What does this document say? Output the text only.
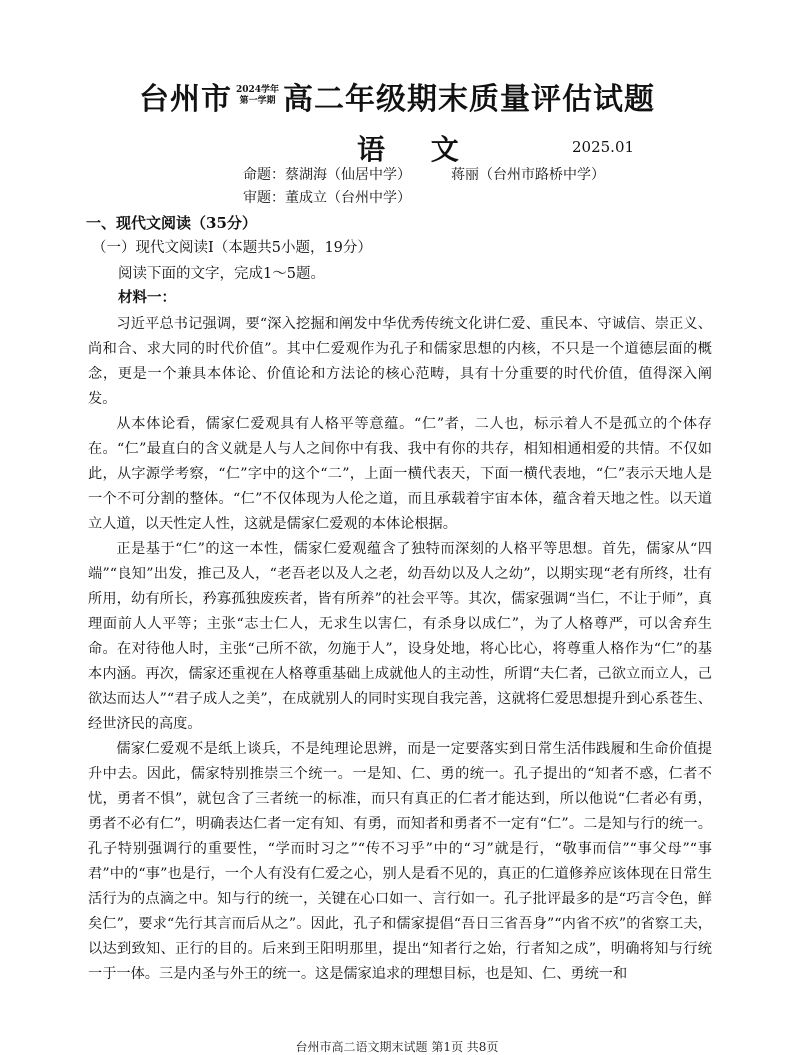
台州市 2024学年
第一学期 高二年级期末质量评估试题
语 文	2025.01
命题： 蔡湖海（仙居中学）	蒋丽（台州市路桥中学）
审题： 董成立（台州中学）
一、现代文阅读（35分）
（一）现代文阅读Ⅰ（本题共5小题，19分）
阅读下面的文字，完成1～5题。
材料一：

习近平总书记强调，要“深入挖掘和阐发中华优秀传统文化讲仁爱、重民本、守诚信、崇正义、尚和合、求大同的时代价值”。其中仁爱观作为孔子和儒家思想的内核，不只是一个道德层面的概念，更是一个兼具本体论、价值论和方法论的核心范畴，具有十分重要的时代价值，值得深入阐发。

从本体论看，儒家仁爱观具有人格平等意蕴。“仁”者，二人也，标示着人不是孤立的个体存在。“仁”最直白的含义就是人与人之间你中有我、我中有你的共存，相知相通相爱的共情。不仅如此，从字源学考察，“仁”字中的这个“二”，上面一横代表天，下面一横代表地，“仁”表示天地人是一个不可分割的整体。“仁”不仅体现为人伦之道，而且承载着宇宙本体，蕴含着天地之性。以天道立人道，以天性定人性，这就是儒家仁爱观的本体论根据。

正是基于“仁”的这一本性，儒家仁爱观蕴含了独特而深刻的人格平等思想。首先，儒家从“四端”“良知”出发，推己及人，“老吾老以及人之老，幼吾幼以及人之幼”，以期实现“老有所终，壮有所用，幼有所长，矜寡孤独废疾者，皆有所养”的社会平等。其次，儒家强调“当仁，不让于师”，真理面前人人平等；主张“志士仁人，无求生以害仁，有杀身以成仁”，为了人格尊严，可以舍弃生命。在对待他人时，主张“己所不欲，勿施于人”，设身处地，将心比心，将尊重人格作为“仁”的基本内涵。再次，儒家还重视在人格尊重基础上成就他人的主动性，所谓“夫仁者，己欲立而立人，己欲达而达人”“君子成人之美”，在成就别人的同时实现自我完善，这就将仁爱思想提升到心系苍生、经世济民的高度。

儒家仁爱观不是纸上谈兵，不是纯理论思辨，而是一定要落实到日常生活伟践履和生命价值提升中去。因此，儒家特别推崇三个统一。一是知、仁、勇的统一。孔子提出的“知者不惑，仁者不忧，勇者不惧”，就包含了三者统一的标准，而只有真正的仁者才能达到，所以他说“仁者必有勇，勇者不必有仁”，明确表达仁者一定有知、有勇，而知者和勇者不一定有“仁”。二是知与行的统一。孔子特别强调行的重要性，“学而时习之”“传不习乎”中的“习”就是行，“敬事而信”“事父母”“事君”中的“事”也是行，一个人有没有仁爱之心，别人是看不见的，真正的仁道修养应该体现在日常生活行为的点滴之中。知与行的统一，关键在心口如一、言行如一。孔子批评最多的是“巧言令色，鲜矣仁”，要求“先行其言而后从之”。因此，孔子和儒家提倡“吾日三省吾身”“内省不疚”的省察工夫，以达到致知、正行的目的。后来到王阳明那里，提出“知者行之始，行者知之成”，明确将知与行统一于一体。三是内圣与外王的统一。这是儒家追求的理想目标，也是知、仁、勇统一和

台州市高二语文期末试题 第1页 共8页
